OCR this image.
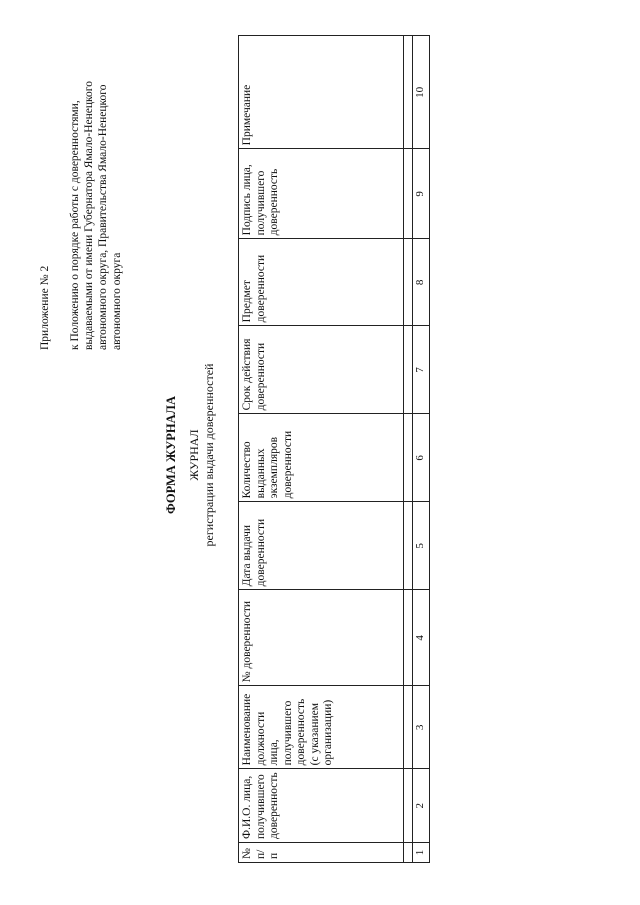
Приложение № 2 к Положению о порядке работы с доверенностями, выдаваемыми от имени Губернатора Ямало-Ненецкого автономного округа, Правительства Ямало-Ненецкого автономного округа
ФОРМА ЖУРНАЛА ЖУРНАЛ регистрации выдачи доверенностей
№ п/п	Ф.И.О. лица, получившего доверенность	Наименование должности лица, получившего доверенность (с указанием организации)	№ доверенности	Дата выдачи доверенности	Количество выданных экземпляров доверенности	Срок действия доверенности	Предмет доверенности	Подпись лица, получившего доверенность	Примечание

1	2	3	4	5	6	7	8	9	10
